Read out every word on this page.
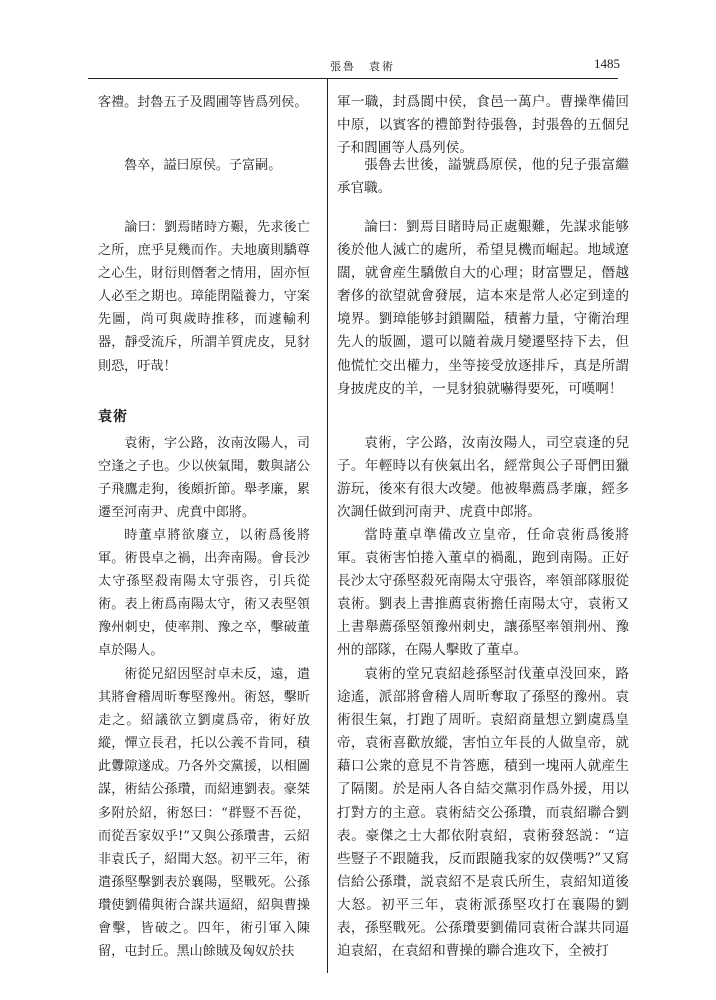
張魯　袁術	1485

客禮。封魯五子及閻圃等皆爲列侯。

魯卒，謚曰原侯。子富嗣。

論曰：劉焉睹時方艱，先求後亡之所，庶乎見幾而作。夫地廣則驕尊之心生，財衍則僭奢之情用，固亦恒人必至之期也。璋能閉隘養力，守案先圖，尚可與歲時推移，而遽輸利器，靜受流斥，所謂羊質虎皮，見豺則恐，吁哉！

袁術

袁術，字公路，汝南汝陽人，司空逢之子也。少以俠氣聞，數與諸公子飛鷹走狗，後頗折節。舉孝廉，累遷至河南尹、虎賁中郎將。

時董卓將欲廢立，以術爲後將軍。術畏卓之禍，出奔南陽。會長沙太守孫堅殺南陽太守張咨，引兵從術。表上術爲南陽太守，術又表堅領豫州刺史，使率荆、豫之卒，擊破董卓於陽人。

術從兄紹因堅討卓未反，遠，遣其將會稽周昕奪堅豫州。術怒，擊昕走之。紹議欲立劉虞爲帝，術好放縱，憚立長君，托以公義不肯同，積此釁隙遂成。乃各外交黨援，以相圖謀，術結公孫瓚，而紹連劉表。豪桀多附於紹，術怒曰：“群豎不吾從，而從吾家奴乎!”又與公孫瓚書，云紹非袁氏子，紹聞大怒。初平三年，術遣孫堅擊劉表於襄陽，堅戰死。公孫瓚使劉備與術合謀共逼紹，紹與曹操會擊，皆破之。四年，術引軍入陳留，屯封丘。黑山餘賊及匈奴於扶

軍一職，封爲閬中侯，食邑一萬户。曹操準備回中原，以賓客的禮節對待張魯，封張魯的五個兒子和閻圃等人爲列侯。

張魯去世後，謚號爲原侯，他的兒子張富繼承官職。

論曰：劉焉目睹時局正處艱難，先謀求能够後於他人滅亡的處所，希望見機而崛起。地域遼闊，就會産生驕傲自大的心理；財富豐足，僭越奢侈的欲望就會發展，這本來是常人必定到達的境界。劉璋能够封鎖關隘，積蓄力量，守衛治理先人的版圖，還可以隨着歲月變遷堅持下去，但他慌忙交出權力，坐等接受放逐排斥，真是所謂身披虎皮的羊，一見豺狼就嚇得要死，可嘆啊！

袁術，字公路，汝南汝陽人，司空袁逢的兒子。年輕時以有俠氣出名，經常與公子哥們田獵游玩，後來有很大改變。他被舉薦爲孝廉，經多次調任做到河南尹、虎賁中郎將。

當時董卓準備改立皇帝，任命袁術爲後將軍。袁術害怕捲入董卓的禍亂，跑到南陽。正好長沙太守孫堅殺死南陽太守張咨，率領部隊服從袁術。劉表上書推薦袁術擔任南陽太守，袁術又上書舉薦孫堅領豫州刺史，讓孫堅率領荆州、豫州的部隊，在陽人擊敗了董卓。

袁術的堂兄袁紹趁孫堅討伐董卓没回來，路途遙，派部將會稽人周昕奪取了孫堅的豫州。袁術很生氣，打跑了周昕。袁紹商量想立劉虞爲皇帝，袁術喜歡放縱，害怕立年長的人做皇帝，就藉口公衆的意見不肯答應，積到一塊兩人就産生了隔閡。於是兩人各自結交黨羽作爲外援，用以打對方的主意。袁術結交公孫瓚，而袁紹聯合劉表。豪傑之士大都依附袁紹，袁術發怒説：“這些豎子不跟隨我，反而跟隨我家的奴僕嗎?”又寫信給公孫瓚，説袁紹不是袁氏所生，袁紹知道後大怒。初平三年，袁術派孫堅攻打在襄陽的劉表，孫堅戰死。公孫瓚要劉備同袁術合謀共同逼迫袁紹，在袁紹和曹操的聯合進攻下，全被打
